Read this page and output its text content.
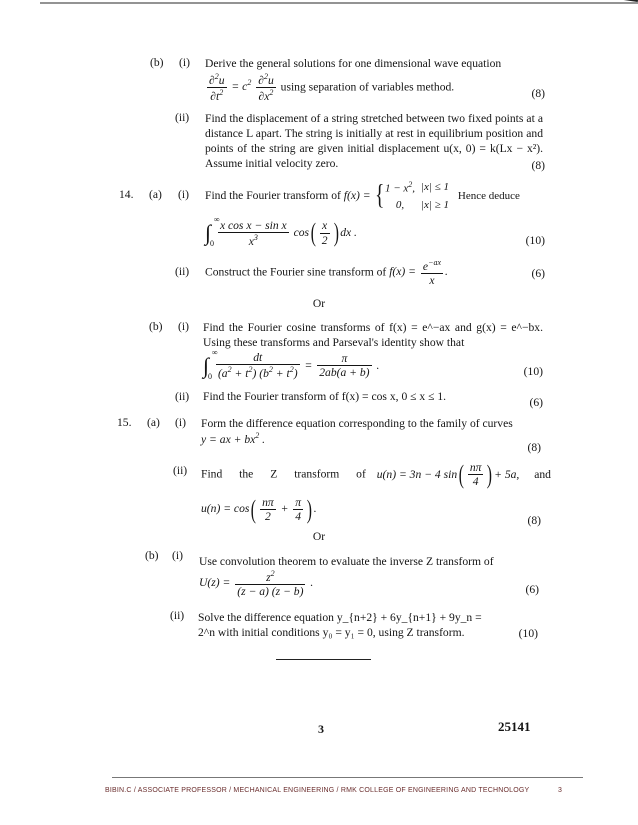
(b) (i) Derive the general solutions for one dimensional wave equation
$\frac{\partial^2u}{\partial t^2} = c^2 \frac{\partial^2u}{\partial x^2}$ using separation of variables method.
(8)
(ii) Find the displacement of a string stretched between two fixed points at a distance L apart. The string is initially at rest in equilibrium position and points of the string are given initial displacement u(x, 0) = k(Lx − x²). Assume initial velocity zero.	(8)
14. (a) (i) Find the Fourier transform of f(x) = { $1 - x^2$,	|x| ≤ 1
0,	|x| ≥ 1 Hence deduce
∫
∞
0
$\frac{\text{x cos x − sin x}}{x^3} \cos( \frac{x}{2}$ ) dx .
(10)
(ii) Construct the Fourier sine transform of $f(x) = \frac{e^{-ax}}{x}$ .	(6)
Or
(b) (i) Find the Fourier cosine transforms of f(x) = e^−ax and g(x) = e^−bx. Using these transforms and Parseval's identity show that
∫
∞
0
$\frac{dt}{(a^2 + t^2) (b^2 + t^2)} = \frac{\pi}{2ab(a + b)}$ .	(10)
(ii) Find the Fourier transform of f(x) = cos x, 0 ≤ x ≤ 1.	(6)
15. (a) (i) Form the difference equation corresponding to the family of curves
y = ax + $bx^2$ .
(8)
(ii) Find the Z transform of u(n) = 3n − 4 $\sin( \frac{n\pi}{4}$ ) + 5a, and
$u(n) = \cos( \frac{n\pi}{2} + \frac{\pi}{4}$ ) .
(8)
Or
(b) (i) Use convolution theorem to evaluate the inverse Z transform of
$U(z) = \frac{z^2}{(z - a) (z - b)}$ .
(6)
(ii) Solve the difference equation y_{n+2} + 6y_{n+1} + 9y_n = 2^n with initial conditions y₀ = y₁ = 0, using Z transform.	(10)
3	25141
BIBIN.C / ASSOCIATE PROFESSOR / MECHANICAL ENGINEERING / RMK COLLEGE OF ENGINEERING AND TECHNOLOGY	3
